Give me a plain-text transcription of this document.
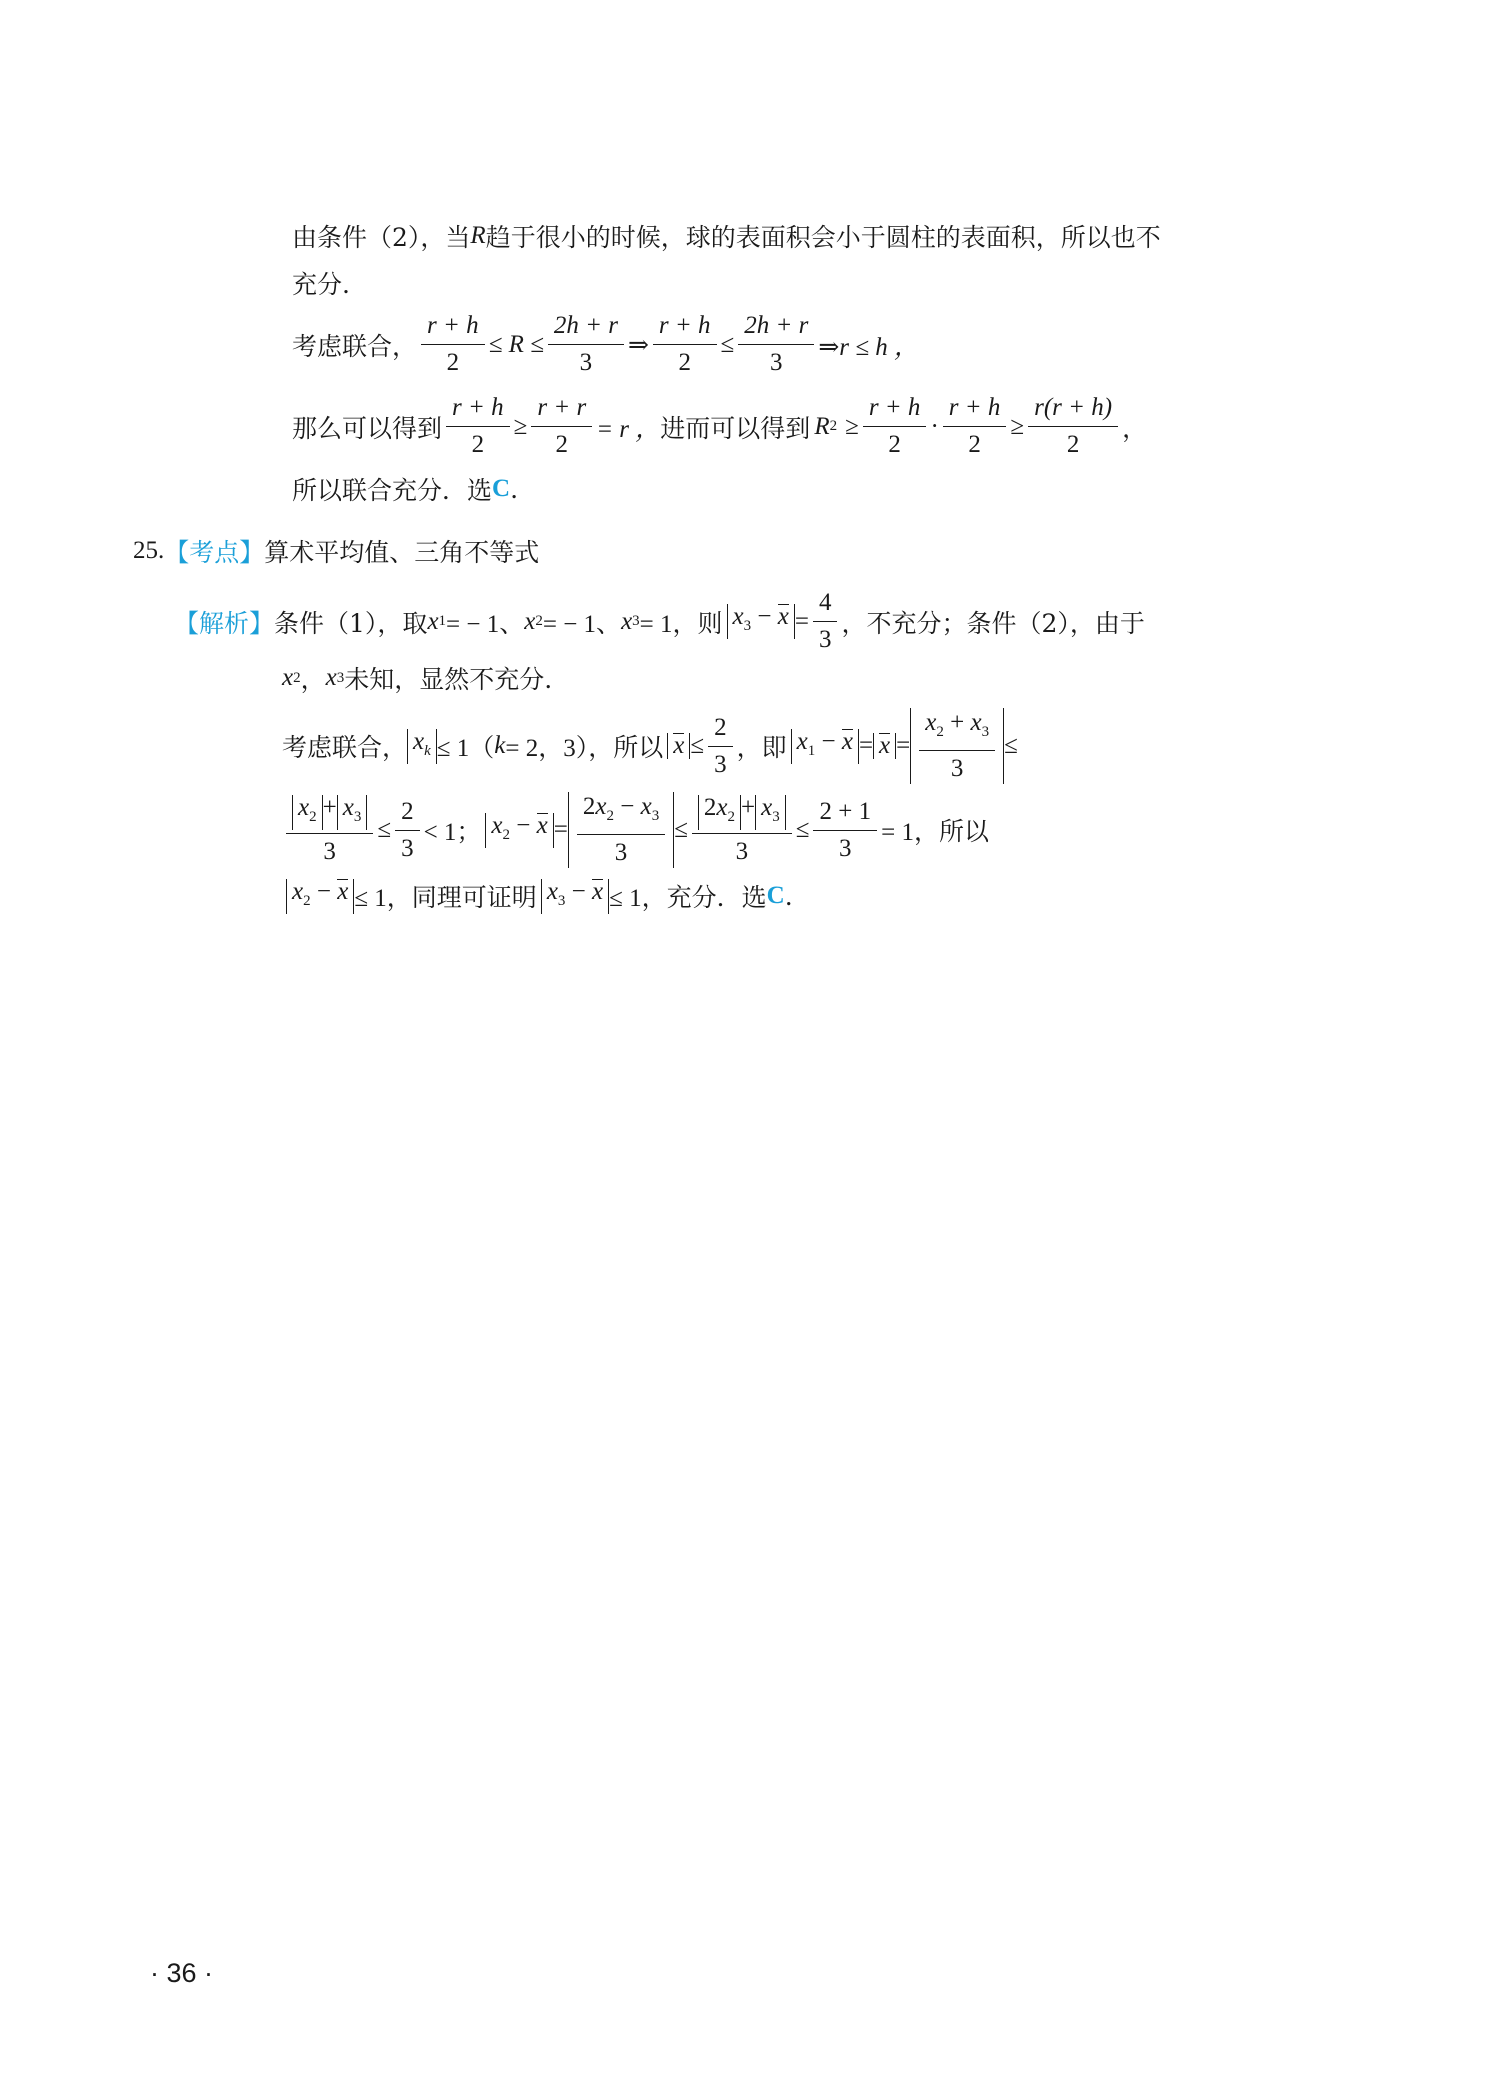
由条件（2），当 R 趋于很小的时候，球的表面积会小于圆柱的表面积，所以也不
充分.
考虑联合， $\frac{r + h}{2} \le R \le \frac{2h + r}{3}$ ⇒ $\frac{r + h}{2} \le \frac{2h + r}{3}$ ⇒r ≤ h ，
那么可以得到 $\frac{r + h}{2} \ge \frac{r + r}{2} = r$ ， 进而可以得到 R $2 \ge \frac{r + h}{2} \cdot \frac{r + h}{2} \ge \frac{r(r + h)}{2}$ ，
所以联合充分．选 C .
25. 【考点】 算术平均值、三角不等式
【解析】 条件（1），取 x 1 = − 1、 x 2 = − 1、 x 3 = 1，则 $x_3 - x = \frac{4}{3}$ ，不充分；条件（2），由于
x 2 ， x 3 未知，显然不充分.
考虑联合， $x_k \le 1$（ k = 2，3），所以 $x \le \frac{2}{3}$ ，即 $x_1 - x = x = \frac{x_2 + x_3}{3}$ ≤
$\frac{x_2 + x_3}{3} \le \frac{2}{3} < 1$； $x_2 - x = \frac{2x_2 - x_3}{3} \le \frac{2x_2 + x_3}{3} \le \frac{2 + 1}{3} = 1$，所以
$x_2 - x \le 1$，同理可证明 $x_3 - x \le 1$，充分．选 C .
· 36 ·
